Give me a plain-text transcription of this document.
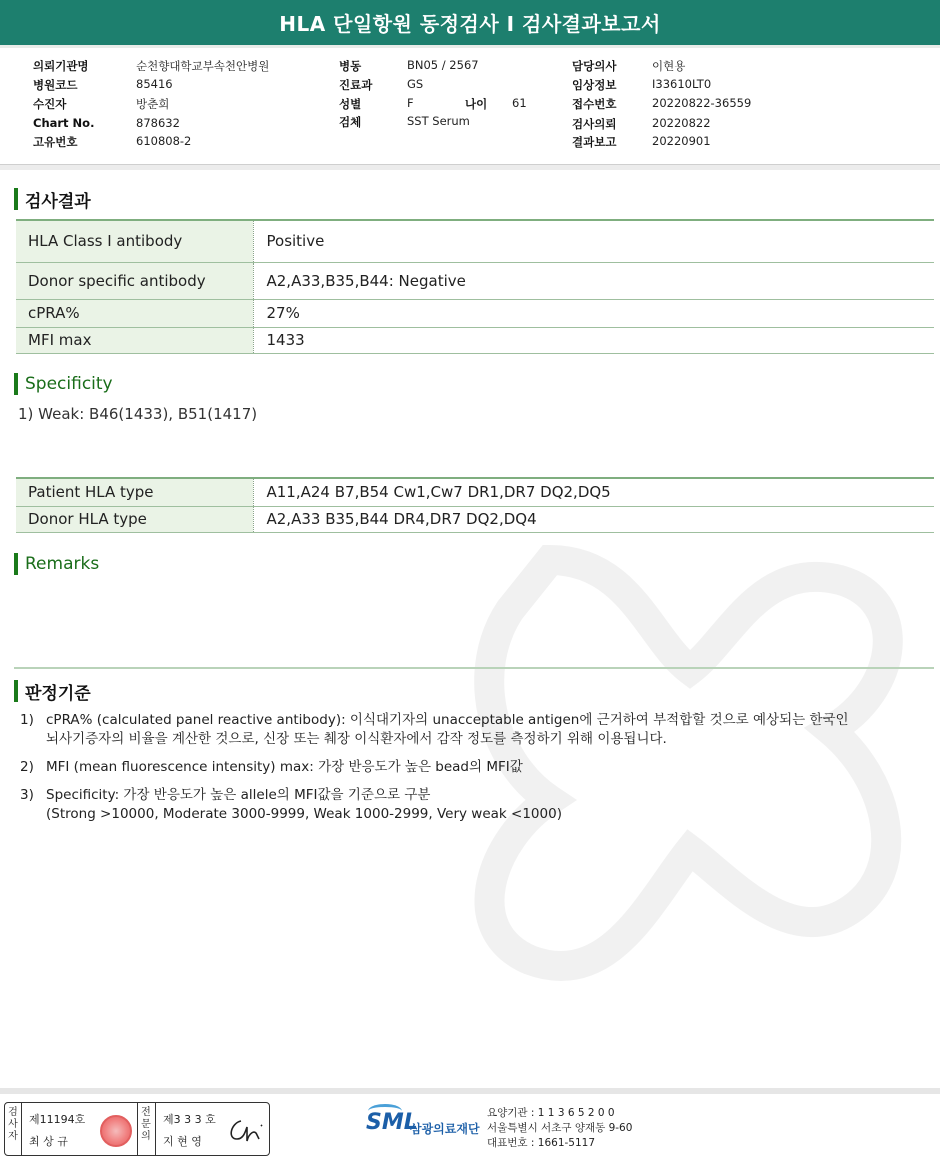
HLA 단일항원 동정검사 I 검사결과보고서
의뢰기관명	순천향대학교부속천안병원
병원코드	85416
수진자	방춘희
Chart No.	878632
고유번호	610808-2
병동	BN05 / 2567
진료과	GS
성별	F	나이 61
검체	SST Serum
담당의사	이현용
임상정보	I33610LT0
접수번호	20220822-36559
검사의뢰	20220822
결과보고	20220901
검사결과
HLA Class I antibody	Positive
Donor specific antibody	A2,A33,B35,B44: Negative
cPRA%	27%
MFI max	1433
Specificity
1) Weak: B46(1433), B51(1417)
Patient HLA type	A11,A24 B7,B54 Cw1,Cw7 DR1,DR7 DQ2,DQ5
Donor HLA type	A2,A33 B35,B44 DR4,DR7 DQ2,DQ4
Remarks
판정기준
1) cPRA% (calculated panel reactive antibody): 이식대기자의 unacceptable antigen에 근거하여 부적합할 것으로 예상되는 한국인
뇌사기증자의 비율을 계산한 것으로, 신장 또는 췌장 이식환자에서 감작 정도를 측정하기 위해 이용됩니다.
2) MFI (mean fluorescence intensity) max: 가장 반응도가 높은 bead의 MFI값
3) Specificity: 가장 반응도가 높은 allele의 MFI값을 기준으로 구분
(Strong >10000, Moderate 3000-9999, Weak 1000-2999, Very weak <1000)
검사자
제11194호
최 상 규
전문의
제3 3 3 호
지 현 영
SML
삼광의료재단
요양기관 : 1 1 3 6 5 2 0 0
서울특별시 서초구 양재동 9-60
대표번호 : 1661-5117
